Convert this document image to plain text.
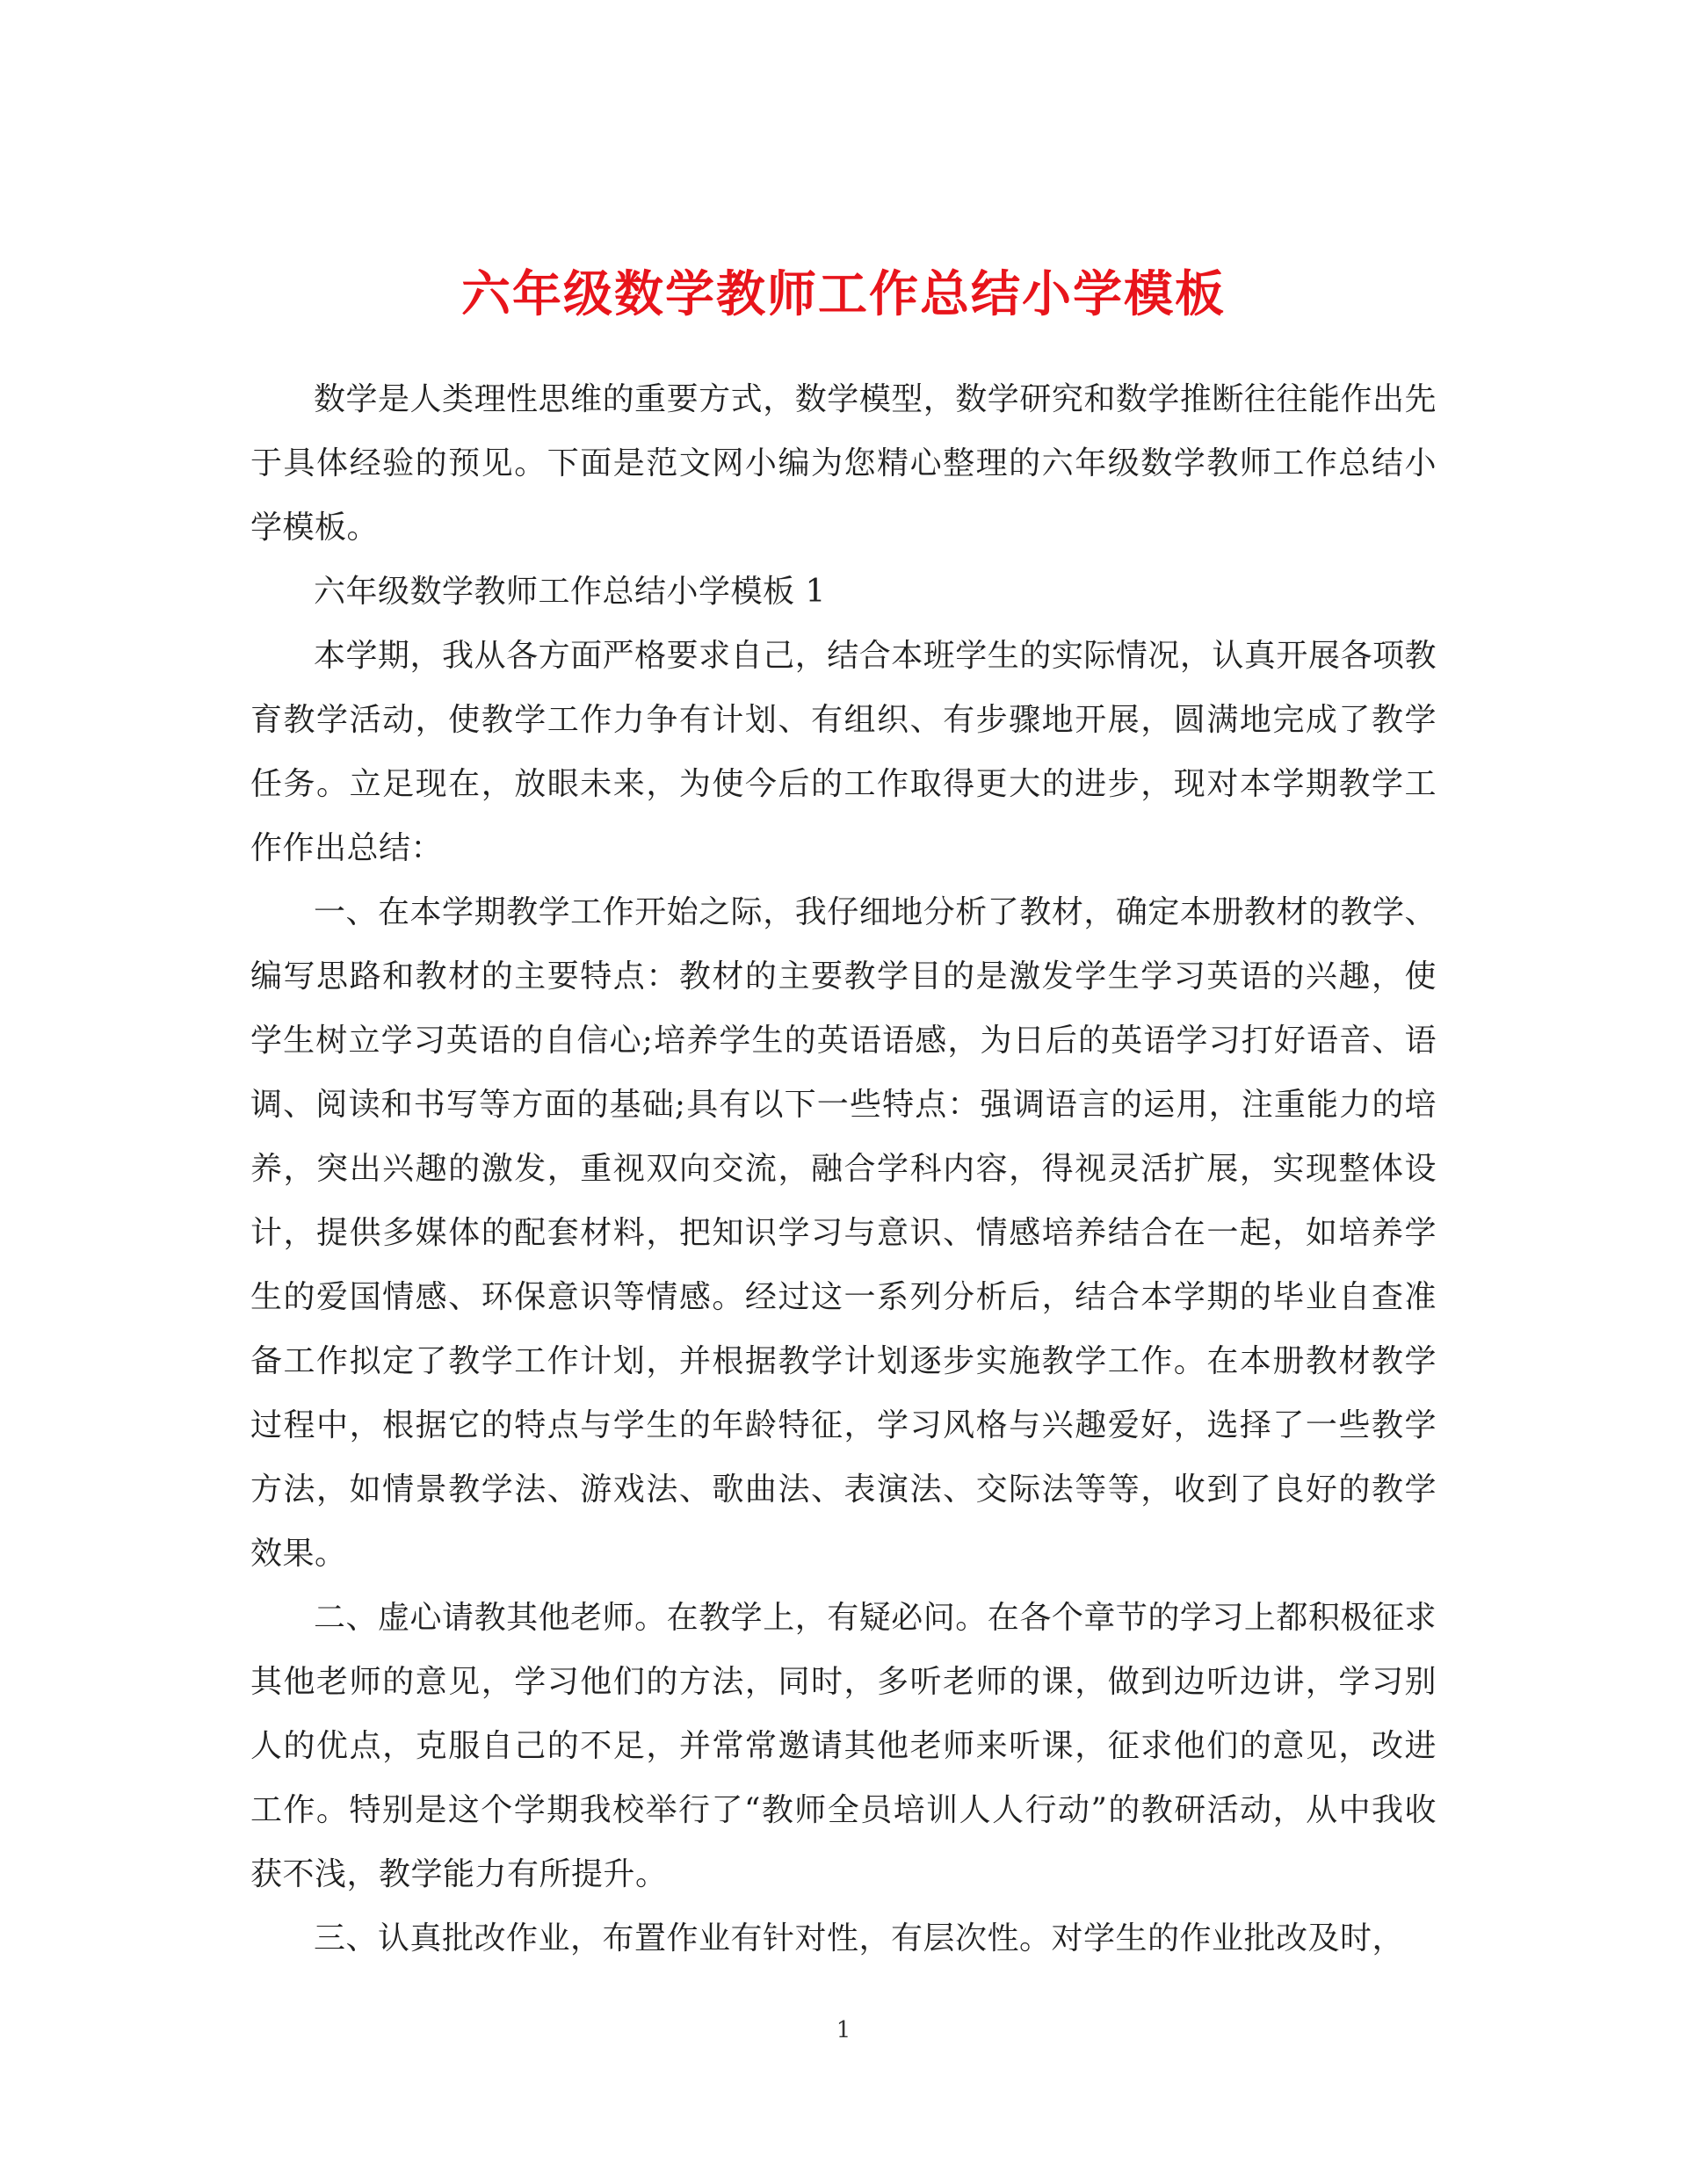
六年级数学教师工作总结小学模板

数学是人类理性思维的重要方式，数学模型，数学研究和数学推断往往能作出先于具体经验的预见。下面是范文网小编为您精心整理的六年级数学教师工作总结小学模板。

六年级数学教师工作总结小学模板 1

本学期，我从各方面严格要求自己，结合本班学生的实际情况，认真开展各项教育教学活动，使教学工作力争有计划、有组织、有步骤地开展，圆满地完成了教学任务。立足现在，放眼未来，为使今后的工作取得更大的进步，现对本学期教学工作作出总结：

一、在本学期教学工作开始之际，我仔细地分析了教材，确定本册教材的教学、编写思路和教材的主要特点：教材的主要教学目的是激发学生学习英语的兴趣，使学生树立学习英语的自信心;培养学生的英语语感，为日后的英语学习打好语音、语调、阅读和书写等方面的基础;具有以下一些特点：强调语言的运用，注重能力的培养，突出兴趣的激发，重视双向交流，融合学科内容，得视灵活扩展，实现整体设计，提供多媒体的配套材料，把知识学习与意识、情感培养结合在一起，如培养学生的爱国情感、环保意识等情感。经过这一系列分析后，结合本学期的毕业自查准备工作拟定了教学工作计划，并根据教学计划逐步实施教学工作。在本册教材教学过程中，根据它的特点与学生的年龄特征，学习风格与兴趣爱好，选择了一些教学方法，如情景教学法、游戏法、歌曲法、表演法、交际法等等，收到了良好的教学效果。

二、虚心请教其他老师。在教学上，有疑必问。在各个章节的学习上都积极征求其他老师的意见，学习他们的方法，同时，多听老师的课，做到边听边讲，学习别人的优点，克服自己的不足，并常常邀请其他老师来听课，征求他们的意见，改进工作。特别是这个学期我校举行了“教师全员培训人人行动”的教研活动，从中我收获不浅，教学能力有所提升。

三、认真批改作业，布置作业有针对性，有层次性。对学生的作业批改及时，

1
